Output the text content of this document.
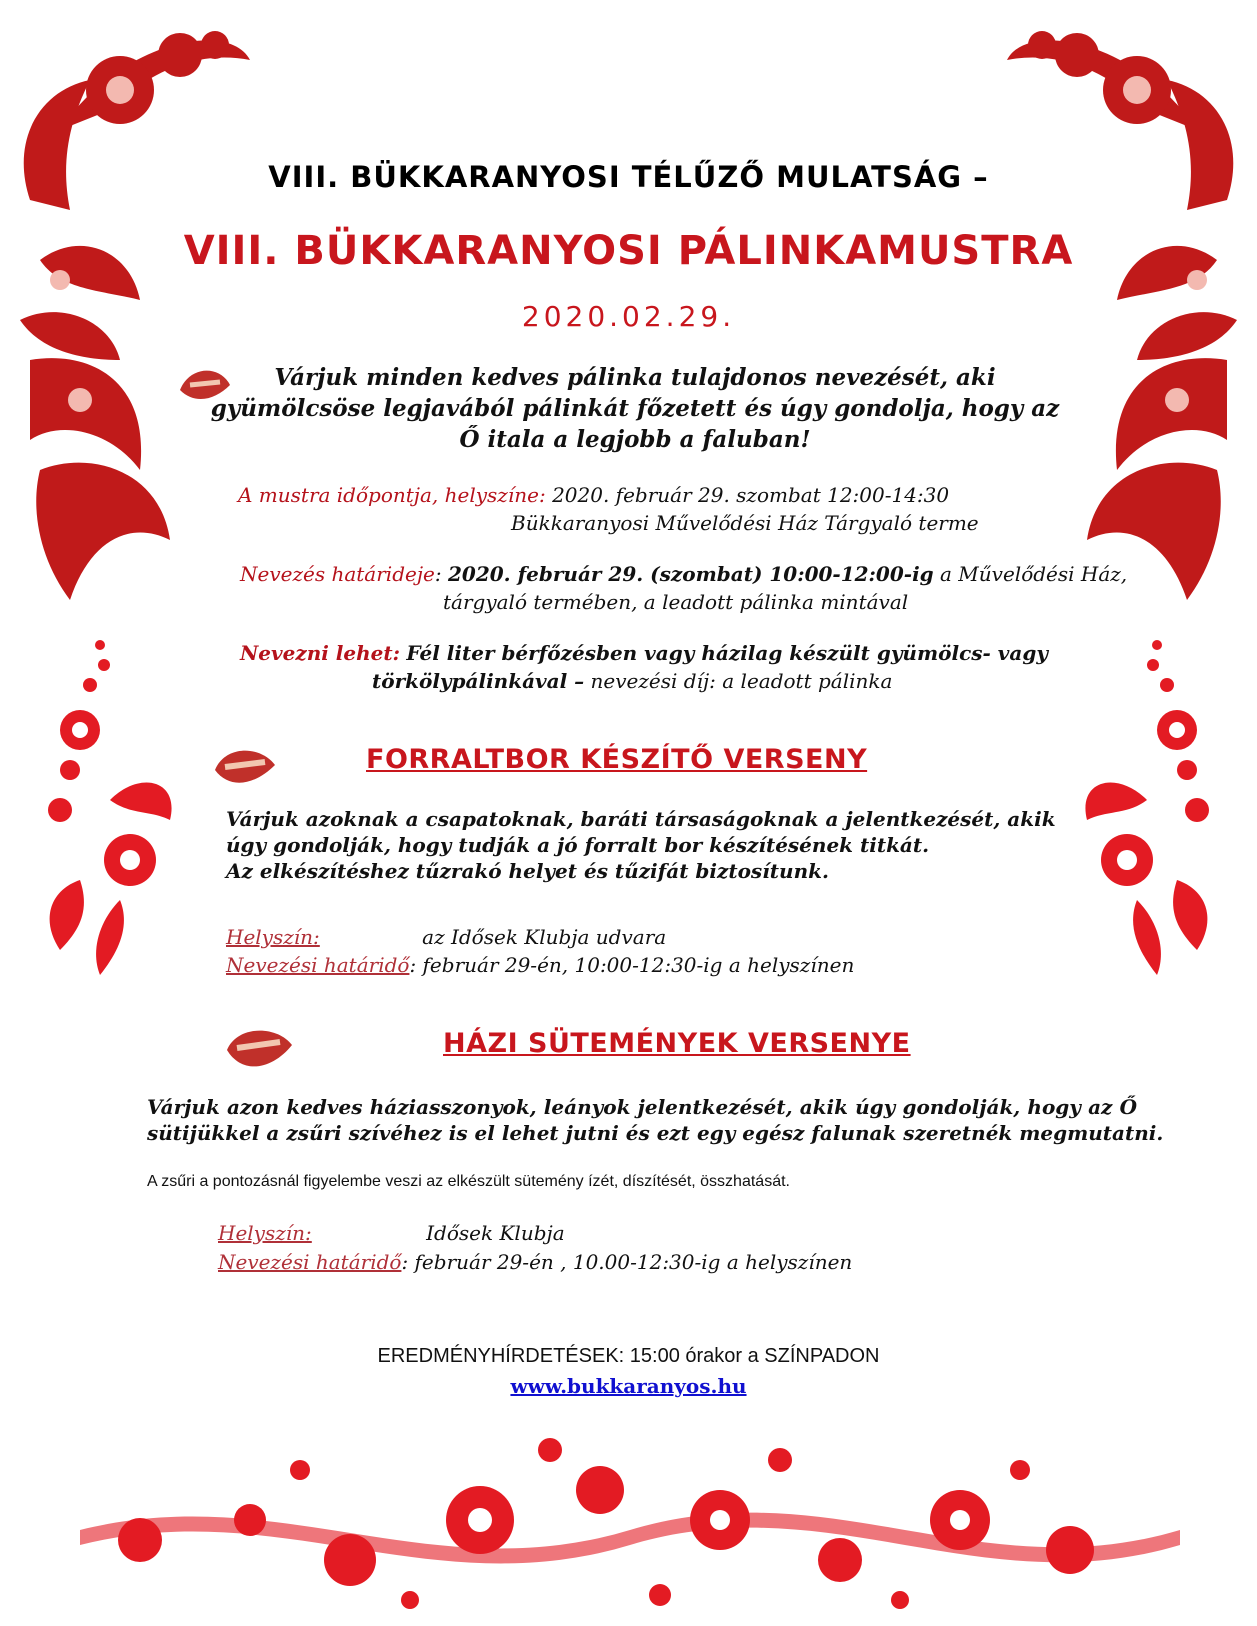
VIII. BÜKKARANYOSI TÉLŰZŐ MULATSÁG –
VIII. BÜKKARANYOSI PÁLINKAMUSTRA
2020.02.29.
Várjuk minden kedves pálinka tulajdonos nevezését, aki gyümölcsöse legjavából pálinkát főzetett és úgy gondolja, hogy az Ő itala a legjobb a faluban!
A mustra időpontja, helyszíne: 2020. február 29. szombat 12:00-14:30
Bükkaranyosi Művelődési Ház Tárgyaló terme
Nevezés határideje: 2020. február 29. (szombat) 10:00-12:00-ig a Művelődési Ház,
tárgyaló termében, a leadott pálinka mintával
Nevezni lehet: Fél liter bérfőzésben vagy házilag készült gyümölcs- vagy
törkölypálinkával – nevezési díj: a leadott pálinka
FORRALTBOR KÉSZÍTŐ VERSENY
Várjuk azoknak a csapatoknak, baráti társaságoknak a jelentkezését, akik
úgy gondolják, hogy tudják a jó forralt bor készítésének titkát.
Az elkészítéshez tűzrakó helyet és tűzifát biztosítunk.
Helyszín:	az Idősek Klubja udvara
Nevezési határidő: február 29-én, 10:00-12:30-ig a helyszínen
HÁZI SÜTEMÉNYEK VERSENYE
Várjuk azon kedves háziasszonyok, leányok jelentkezését, akik úgy gondolják, hogy az Ő
sütijükkel a zsűri szívéhez is el lehet jutni és ezt egy egész falunak szeretnék megmutatni.
A zsűri a pontozásnál figyelembe veszi az elkészült sütemény ízét, díszítését, összhatását.
Helyszín:	Idősek Klubja
Nevezési határidő: február 29-én , 10.00-12:30-ig a helyszínen
EREDMÉNYHÍRDETÉSEK: 15:00 órakor a SZÍNPADON
www.bukkaranyos.hu
